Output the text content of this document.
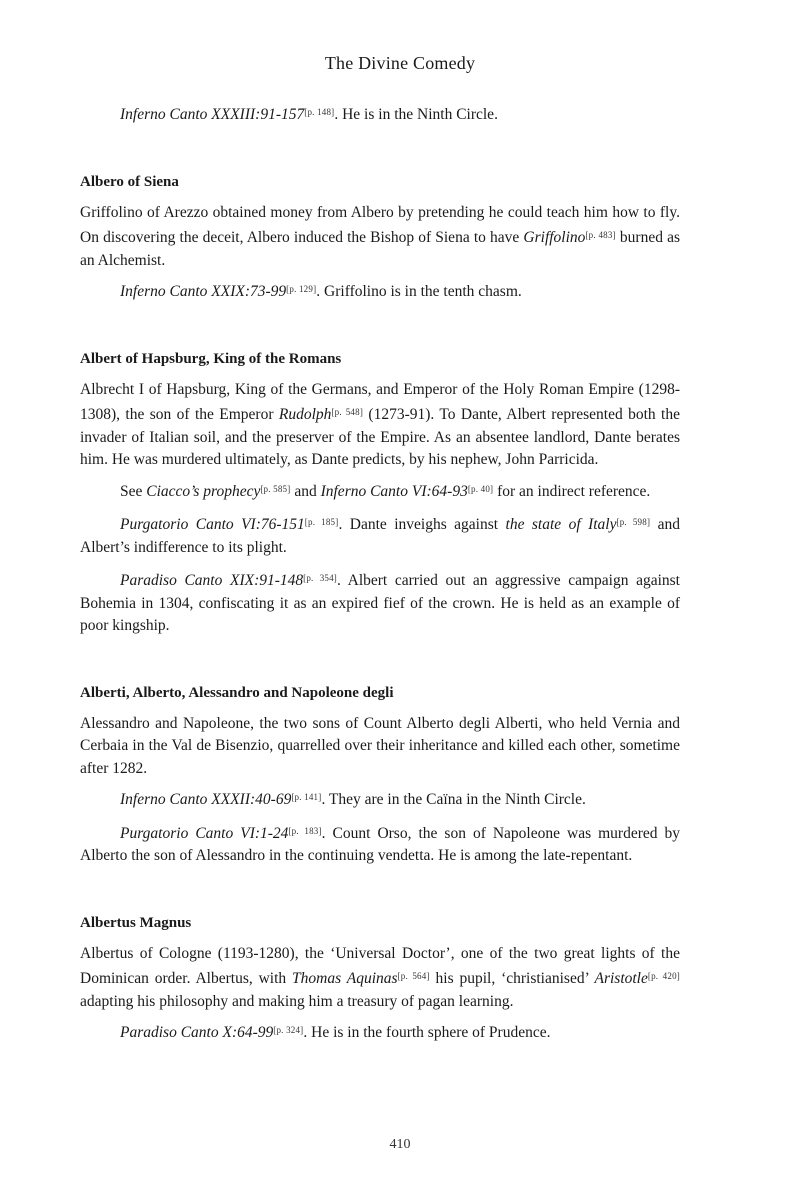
The Divine Comedy

Inferno Canto XXXIII:91-157[p. 148]. He is in the Ninth Circle.

Albero of Siena

Griffolino of Arezzo obtained money from Albero by pretending he could teach him how to fly. On discovering the deceit, Albero induced the Bishop of Siena to have Griffolino[p. 483] burned as an Alchemist.

Inferno Canto XXIX:73-99[p. 129]. Griffolino is in the tenth chasm.

Albert of Hapsburg, King of the Romans

Albrecht I of Hapsburg, King of the Germans, and Emperor of the Holy Roman Empire (1298-1308), the son of the Emperor Rudolph[p. 548] (1273-91). To Dante, Albert represented both the invader of Italian soil, and the preserver of the Empire. As an absentee landlord, Dante berates him. He was murdered ultimately, as Dante predicts, by his nephew, John Parricida.

See Ciacco’s prophecy[p. 585] and Inferno Canto VI:64-93[p. 40] for an indirect reference.

Purgatorio Canto VI:76-151[p. 185]. Dante inveighs against the state of Italy[p. 598] and Albert’s indifference to its plight.

Paradiso Canto XIX:91-148[p. 354]. Albert carried out an aggressive campaign against Bohemia in 1304, confiscating it as an expired fief of the crown. He is held as an example of poor kingship.

Alberti, Alberto, Alessandro and Napoleone degli

Alessandro and Napoleone, the two sons of Count Alberto degli Alberti, who held Vernia and Cerbaia in the Val de Bisenzio, quarrelled over their inheritance and killed each other, sometime after 1282.

Inferno Canto XXXII:40-69[p. 141]. They are in the Caïna in the Ninth Circle.

Purgatorio Canto VI:1-24[p. 183]. Count Orso, the son of Napoleone was murdered by Alberto the son of Alessandro in the continuing vendetta. He is among the late-repentant.

Albertus Magnus

Albertus of Cologne (1193-1280), the ‘Universal Doctor’, one of the two great lights of the Dominican order. Albertus, with Thomas Aquinas[p. 564] his pupil, ‘christianised’ Aristotle[p. 420] adapting his philosophy and making him a treasury of pagan learning.

Paradiso Canto X:64-99[p. 324]. He is in the fourth sphere of Prudence.

410
